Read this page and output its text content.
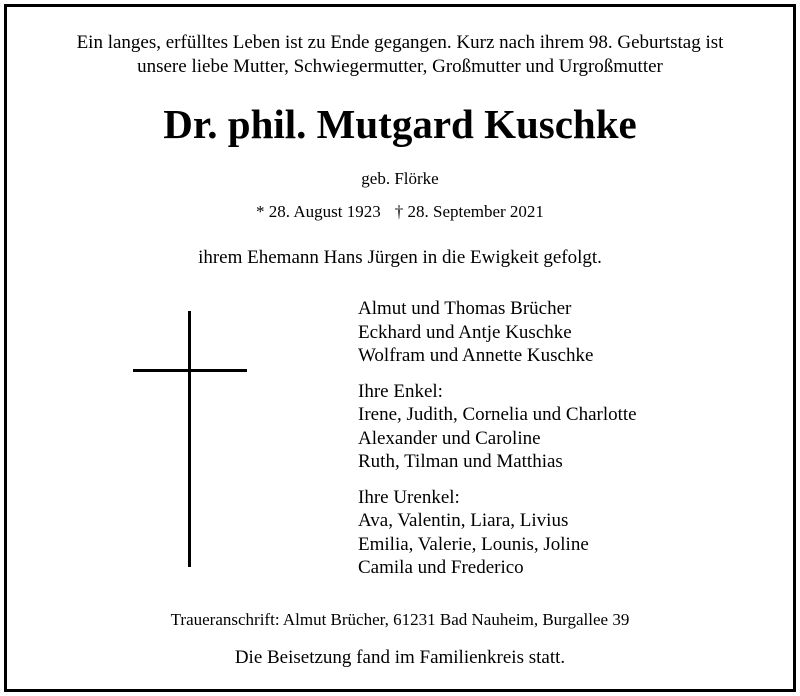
Ein langes, erfülltes Leben ist zu Ende gegangen. Kurz nach ihrem 98. Geburtstag ist
unsere liebe Mutter, Schwiegermutter, Großmutter und Urgroßmutter
Dr. phil. Mutgard Kuschke
geb. Flörke
* 28. August 1923 † 28. September 2021
ihrem Ehemann Hans Jürgen in die Ewigkeit gefolgt.
Almut und Thomas Brücher
Eckhard und Antje Kuschke
Wolfram und Annette Kuschke
Ihre Enkel:
Irene, Judith, Cornelia und Charlotte
Alexander und Caroline
Ruth, Tilman und Matthias
Ihre Urenkel:
Ava, Valentin, Liara, Livius
Emilia, Valerie, Lounis, Joline
Camila und Frederico
Traueranschrift: Almut Brücher, 61231 Bad Nauheim, Burgallee 39
Die Beisetzung fand im Familienkreis statt.
